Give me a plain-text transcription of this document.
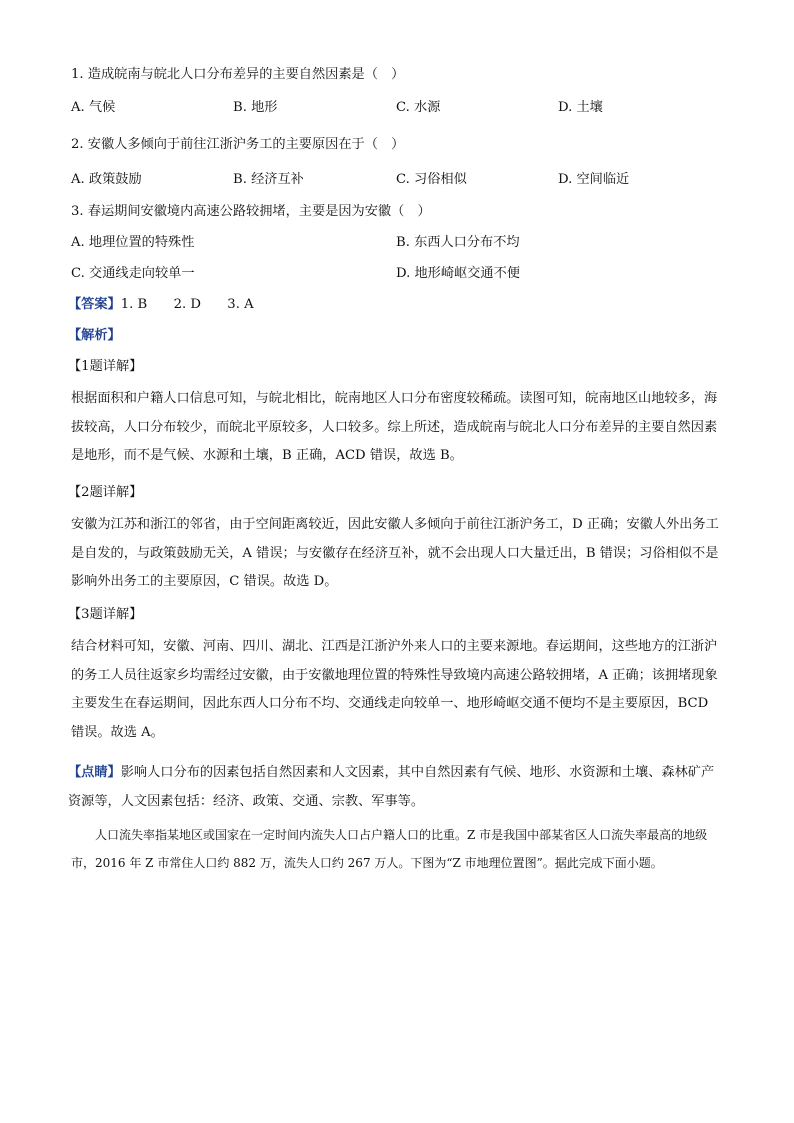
1. 造成皖南与皖北人口分布差异的主要自然因素是（　）
A. 气候	B. 地形	C. 水源	D. 土壤
2. 安徽人多倾向于前往江浙沪务工的主要原因在于（　）
A. 政策鼓励	B. 经济互补	C. 习俗相似	D. 空间临近
3. 春运期间安徽境内高速公路较拥堵，主要是因为安徽（　）
A. 地理位置的特殊性	B. 东西人口分布不均
C. 交通线走向较单一	D. 地形崎岖交通不便
【答案】1. B　　2. D　　3. A
【解析】
【1题详解】
根据面积和户籍人口信息可知，与皖北相比，皖南地区人口分布密度较稀疏。读图可知，皖南地区山地较多，海拔较高，人口分布较少，而皖北平原较多，人口较多。综上所述，造成皖南与皖北人口分布差异的主要自然因素是地形，而不是气候、水源和土壤，B 正确，ACD 错误，故选 B。
【2题详解】
安徽为江苏和浙江的邻省，由于空间距离较近，因此安徽人多倾向于前往江浙沪务工，D 正确；安徽人外出务工是自发的，与政策鼓励无关，A 错误；与安徽存在经济互补，就不会出现人口大量迁出，B 错误；习俗相似不是影响外出务工的主要原因，C 错误。故选 D。
【3题详解】
结合材料可知，安徽、河南、四川、湖北、江西是江浙沪外来人口的主要来源地。春运期间，这些地方的江浙沪的务工人员往返家乡均需经过安徽，由于安徽地理位置的特殊性导致境内高速公路较拥堵，A 正确；该拥堵现象主要发生在春运期间，因此东西人口分布不均、交通线走向较单一、地形崎岖交通不便均不是主要原因，BCD 错误。故选 A。
【点睛】影响人口分布的因素包括自然因素和人文因素，其中自然因素有气候、地形、水资源和土壤、森林矿产资源等，人文因素包括：经济、政策、交通、宗教、军事等。
人口流失率指某地区或国家在一定时间内流失人口占户籍人口的比重。Z 市是我国中部某省区人口流失率最高的地级市，2016 年 Z 市常住人口约 882 万，流失人口约 267 万人。下图为“Z 市地理位置图”。据此完成下面小题。
